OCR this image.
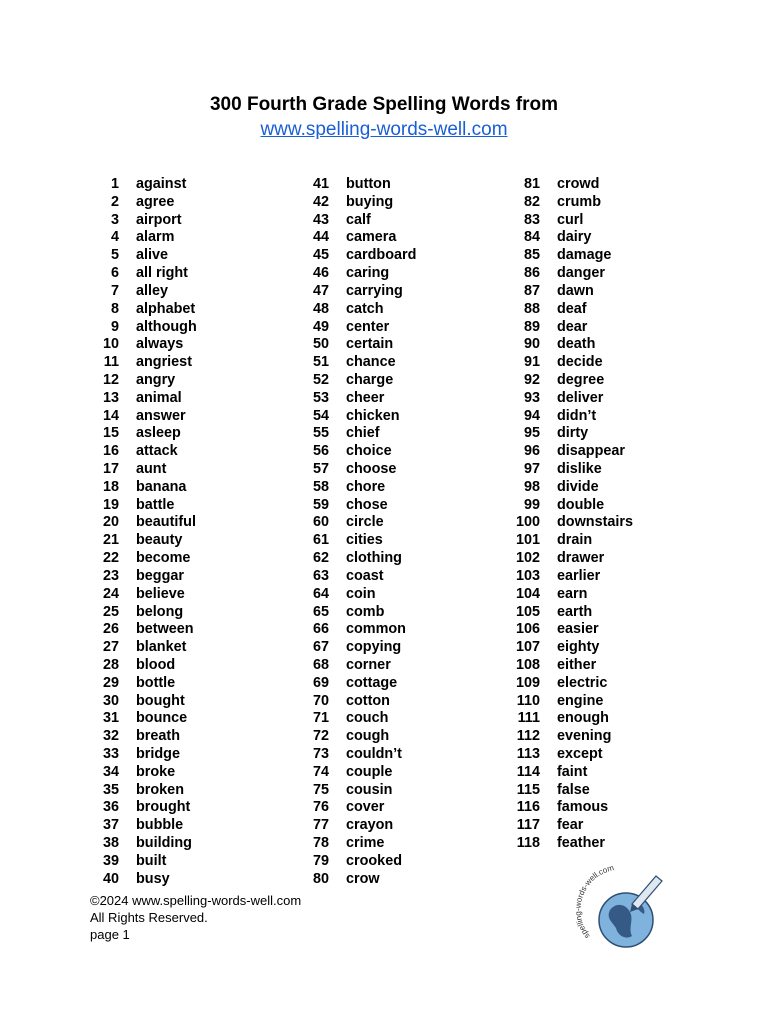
300 Fourth Grade Spelling Words from
www.spelling-words-well.com
1	against
2	agree
3	airport
4	alarm
5	alive
6	all right
7	alley
8	alphabet
9	although
10	always
11	angriest
12	angry
13	animal
14	answer
15	asleep
16	attack
17	aunt
18	banana
19	battle
20	beautiful
21	beauty
22	become
23	beggar
24	believe
25	belong
26	between
27	blanket
28	blood
29	bottle
30	bought
31	bounce
32	breath
33	bridge
34	broke
35	broken
36	brought
37	bubble
38	building
39	built
40	busy
41	button
42	buying
43	calf
44	camera
45	cardboard
46	caring
47	carrying
48	catch
49	center
50	certain
51	chance
52	charge
53	cheer
54	chicken
55	chief
56	choice
57	choose
58	chore
59	chose
60	circle
61	cities
62	clothing
63	coast
64	coin
65	comb
66	common
67	copying
68	corner
69	cottage
70	cotton
71	couch
72	cough
73	couldn’t
74	couple
75	cousin
76	cover
77	crayon
78	crime
79	crooked
80	crow
81	crowd
82	crumb
83	curl
84	dairy
85	damage
86	danger
87	dawn
88	deaf
89	dear
90	death
91	decide
92	degree
93	deliver
94	didn’t
95	dirty
96	disappear
97	dislike
98	divide
99	double
100	downstairs
101	drain
102	drawer
103	earlier
104	earn
105	earth
106	easier
107	eighty
108	either
109	electric
110	engine
111	enough
112	evening
113	except
114	faint
115	false
116	famous
117	fear
118	feather
©2024 www.spelling-words-well.com
All Rights Reserved.
page 1	spelling-words-well.com
